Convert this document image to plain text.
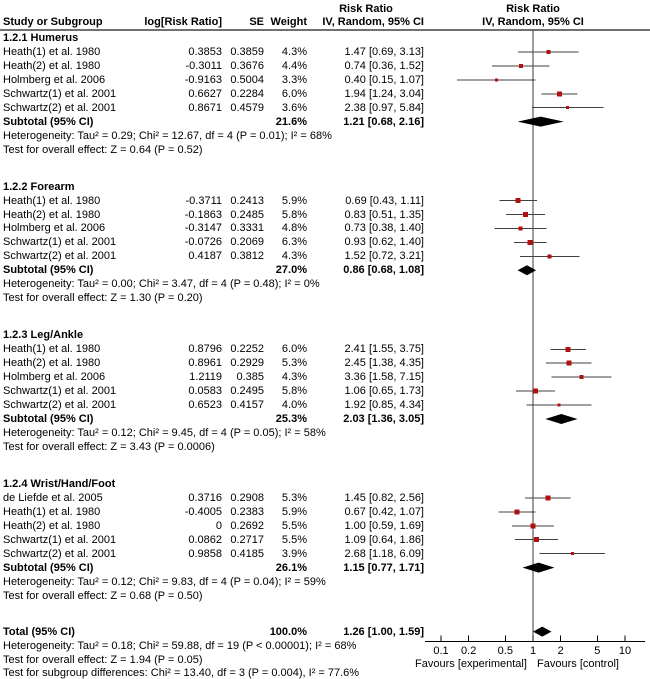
Risk Ratio	Risk Ratio
Study or Subgroup	log[Risk Ratio]	SE Weight	IV, Random, 95% CI	IV, Random, 95% CI
1.2.1 Humerus
Heath(1) et al. 1980	0.3853 0.3859	4.3%	1.47 [0.69, 3.13]
Heath(2) et al. 1980	-0.3011 0.3676	4.4%	0.74 [0.36, 1.52]
Holmberg et al. 2006	-0.9163 0.5004	3.3%	0.40 [0.15, 1.07]
Schwartz(1) et al. 2001	0.6627 0.2284	6.0%	1.94 [1.24, 3.04]
Schwartz(2) et al. 2001	0.8671 0.4579	3.6%	2.38 [0.97, 5.84]
Subtotal (95% CI)	21.6%	1.21 [0.68, 2.16]
Heterogeneity: Tau² = 0.29; Chi² = 12.67, df = 4 (P = 0.01); I² = 68%
Test for overall effect: Z = 0.64 (P = 0.52)
1.2.2 Forearm
Heath(1) et al. 1980	-0.3711 0.2413	5.9%	0.69 [0.43, 1.11]
Heath(2) et al. 1980	-0.1863 0.2485	5.8%	0.83 [0.51, 1.35]
Holmberg et al. 2006	-0.3147 0.3331	4.8%	0.73 [0.38, 1.40]
Schwartz(1) et al. 2001	-0.0726 0.2069	6.3%	0.93 [0.62, 1.40]
Schwartz(2) et al. 2001	0.4187 0.3812	4.3%	1.52 [0.72, 3.21]
Subtotal (95% CI)	27.0%	0.86 [0.68, 1.08]
Heterogeneity: Tau² = 0.00; Chi² = 3.47, df = 4 (P = 0.48); I² = 0%
Test for overall effect: Z = 1.30 (P = 0.20)
1.2.3 Leg/Ankle
Heath(1) et al. 1980	0.8796 0.2252	6.0%	2.41 [1.55, 3.75]
Heath(2) et al. 1980	0.8961 0.2929	5.3%	2.45 [1.38, 4.35]
Holmberg et al. 2006	1.2119	0.385	4.3%	3.36 [1.58, 7.15]
Schwartz(1) et al. 2001	0.0583 0.2495	5.8%	1.06 [0.65, 1.73]
Schwartz(2) et al. 2001	0.6523 0.4157	4.0%	1.92 [0.85, 4.34]
Subtotal (95% CI)	25.3%	2.03 [1.36, 3.05]
Heterogeneity: Tau² = 0.12; Chi² = 9.45, df = 4 (P = 0.05); I² = 58%
Test for overall effect: Z = 3.43 (P = 0.0006)
1.2.4 Wrist/Hand/Foot
de Liefde et al. 2005	0.3716 0.2908	5.3%	1.45 [0.82, 2.56]
Heath(1) et al. 1980	-0.4005 0.2383	5.9%	0.67 [0.42, 1.07]
Heath(2) et al. 1980	0 0.2692	5.5%	1.00 [0.59, 1.69]
Schwartz(1) et al. 2001	0.0862 0.2717	5.5%	1.09 [0.64, 1.86]
Schwartz(2) et al. 2001	0.9858 0.4185	3.9%	2.68 [1.18, 6.09]
Subtotal (95% CI)	26.1%	1.15 [0.77, 1.71]
Heterogeneity: Tau² = 0.12; Chi² = 9.83, df = 4 (P = 0.04); I² = 59%
Test for overall effect: Z = 0.68 (P = 0.50)
Total (95% CI)	100.0%	1.26 [1.00, 1.59]
Heterogeneity: Tau² = 0.18; Chi² = 59.88, df = 19 (P < 0.00001); I² = 68%
Test for overall effect: Z = 1.94 (P = 0.05)
Test for subgroup differences: Chi² = 13.40, df = 3 (P = 0.004), I² = 77.6%
0.1	0.2	0.5	1	2	5	10
Favours [experimental] Favours [control]
